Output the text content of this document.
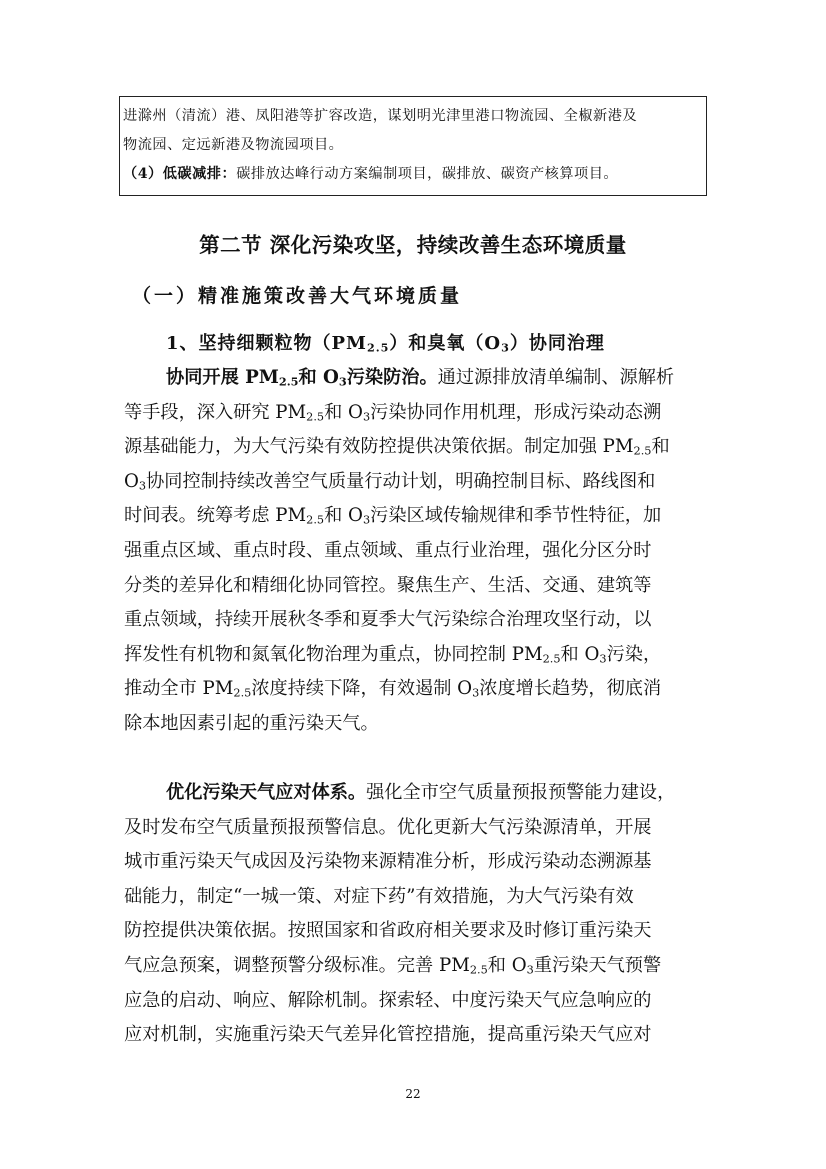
进滁州（清流）港、凤阳港等扩容改造，谋划明光津里港口物流园、全椒新港及
物流园、定远新港及物流园项目。
（4）低碳减排：碳排放达峰行动方案编制项目，碳排放、碳资产核算项目。
第二节 深化污染攻坚，持续改善生态环境质量
（一）精准施策改善大气环境质量
1、坚持细颗粒物$(PM_{2.5})$和臭氧$(O_3)$协同治理
协同开展 $PM_{2.5}$和 $O_3$污染防治。通过源排放清单编制、源解析
等手段，深入研究 $PM_{2.5}$和 $O_3$污染协同作用机理，形成污染动态溯
源基础能力，为大气污染有效防控提供决策依据。制定加强 $PM_{2.5}$和
$O_3$协同控制持续改善空气质量行动计划，明确控制目标、路线图和
时间表。统筹考虑 $PM_{2.5}$和 $O_3$污染区域传输规律和季节性特征，加
强重点区域、重点时段、重点领域、重点行业治理，强化分区分时
分类的差异化和精细化协同管控。聚焦生产、生活、交通、建筑等
重点领域，持续开展秋冬季和夏季大气污染综合治理攻坚行动，以
挥发性有机物和氮氧化物治理为重点，协同控制 $PM_{2.5}$和 $O_3$污染，
推动全市 $PM_{2.5}$浓度持续下降，有效遏制 $O_3$浓度增长趋势，彻底消
除本地因素引起的重污染天气。
优化污染天气应对体系。强化全市空气质量预报预警能力建设，
及时发布空气质量预报预警信息。优化更新大气污染源清单，开展
城市重污染天气成因及污染物来源精准分析，形成污染动态溯源基
础能力，制定“一城一策、对症下药”有效措施，为大气污染有效
防控提供决策依据。按照国家和省政府相关要求及时修订重污染天
气应急预案，调整预警分级标准。完善 $PM_{2.5}$和 $O_3$重污染天气预警
应急的启动、响应、解除机制。探索轻、中度污染天气应急响应的
应对机制，实施重污染天气差异化管控措施，提高重污染天气应对
22
